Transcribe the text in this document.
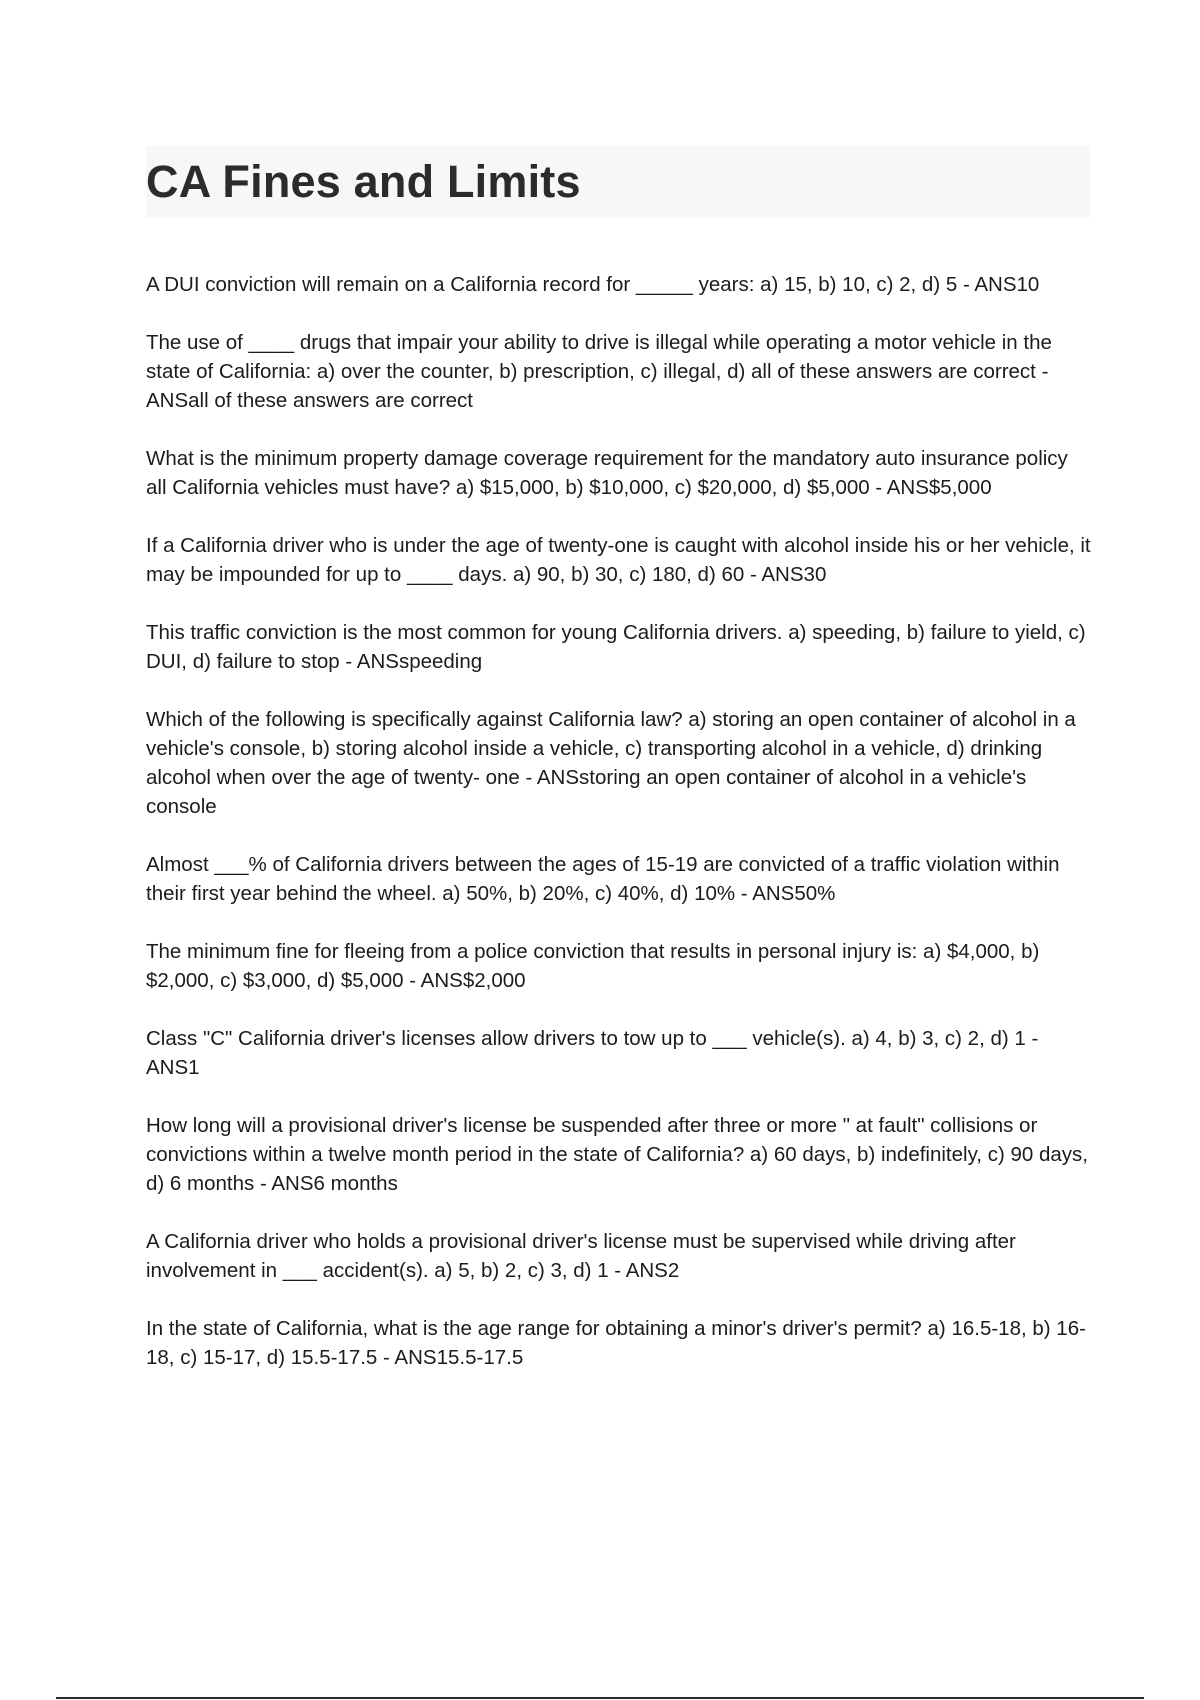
CA Fines and Limits

A DUI conviction will remain on a California record for _____ years: a) 15, b) 10, c) 2, d) 5 - ANS10

The use of ____ drugs that impair your ability to drive is illegal while operating a motor vehicle in the state of California: a) over the counter, b) prescription, c) illegal, d) all of these answers are correct - ANSall of these answers are correct

What is the minimum property damage coverage requirement for the mandatory auto insurance policy all California vehicles must have? a) $15,000, b) $10,000, c) $20,000, d) $5,000 - ANS$5,000

If a California driver who is under the age of twenty-one is caught with alcohol inside his or her vehicle, it may be impounded for up to ____ days. a) 90, b) 30, c) 180, d) 60 - ANS30

This traffic conviction is the most common for young California drivers. a) speeding, b) failure to yield, c) DUI, d) failure to stop - ANSspeeding

Which of the following is specifically against California law? a) storing an open container of alcohol in a vehicle's console, b) storing alcohol inside a vehicle, c) transporting alcohol in a vehicle, d) drinking alcohol when over the age of twenty- one - ANSstoring an open container of alcohol in a vehicle's console

Almost ___% of California drivers between the ages of 15-19 are convicted of a traffic violation within their first year behind the wheel. a) 50%, b) 20%, c) 40%, d) 10% - ANS50%

The minimum fine for fleeing from a police conviction that results in personal injury is: a) $4,000, b) $2,000, c) $3,000, d) $5,000 - ANS$2,000

Class "C" California driver's licenses allow drivers to tow up to ___ vehicle(s). a) 4, b) 3, c) 2, d) 1 - ANS1

How long will a provisional driver's license be suspended after three or more " at fault" collisions or convictions within a twelve month period in the state of California? a) 60 days, b) indefinitely, c) 90 days, d) 6 months - ANS6 months

A California driver who holds a provisional driver's license must be supervised while driving after involvement in ___ accident(s). a) 5, b) 2, c) 3, d) 1 - ANS2

In the state of California, what is the age range for obtaining a minor's driver's permit? a) 16.5-18, b) 16-18, c) 15-17, d) 15.5-17.5 - ANS15.5-17.5
